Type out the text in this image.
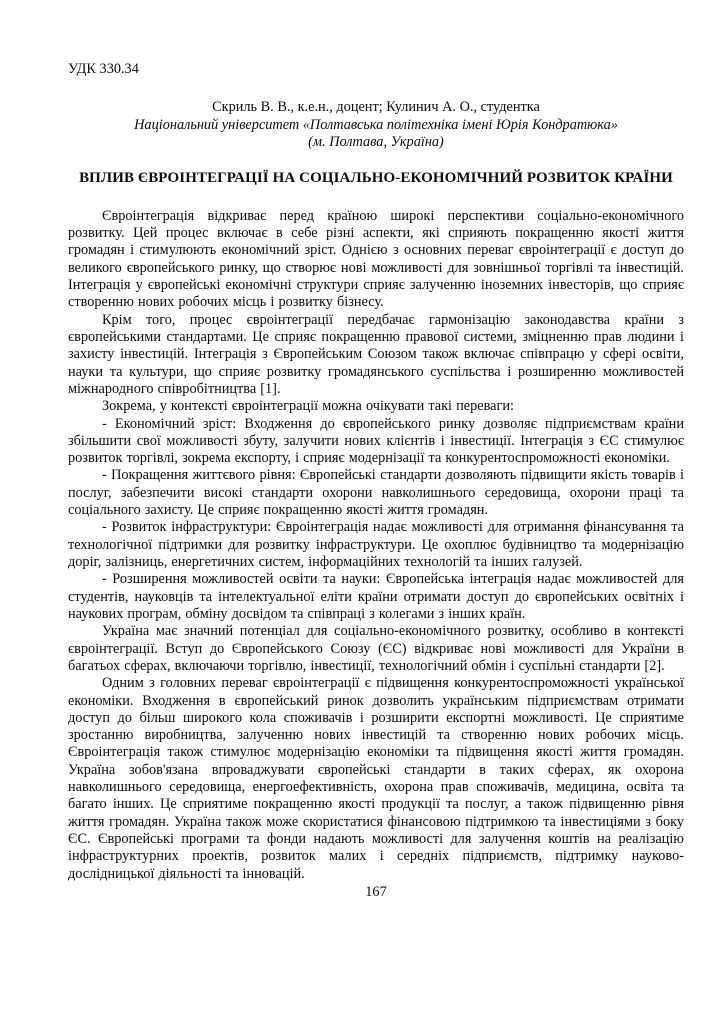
УДК 330.34
Скриль В. В., к.е.н., доцент; Кулинич А. О., студентка
Національний університет «Полтавська політехніка імені Юрія Кондратюка»
(м. Полтава, Україна)
ВПЛИВ ЄВРОІНТЕГРАЦІЇ НА СОЦІАЛЬНО-ЕКОНОМІЧНИЙ РОЗВИТОК КРАЇНИ

Євроінтеграція відкриває перед країною широкі перспективи соціально-економічного розвитку. Цей процес включає в себе різні аспекти, які сприяють покращенню якості життя громадян і стимулюють економічний зріст. Однією з основних переваг євроінтеграції є доступ до великого європейського ринку, що створює нові можливості для зовнішньої торгівлі та інвестицій. Інтеграція у європейські економічні структури сприяє залученню іноземних інвесторів, що сприяє створенню нових робочих місць і розвитку бізнесу.

Крім того, процес євроінтеграції передбачає гармонізацію законодавства країни з європейськими стандартами. Це сприяє покращенню правової системи, зміцненню прав людини і захисту інвестицій. Інтеграція з Європейським Союзом також включає співпрацю у сфері освіти, науки та культури, що сприяє розвитку громадянського суспільства і розширенню можливостей міжнародного співробітництва [1].

Зокрема, у контексті євроінтеграції можна очікувати такі переваги:

- Економічний зріст: Входження до європейського ринку дозволяє підприємствам країни збільшити свої можливості збуту, залучити нових клієнтів і інвестиції. Інтеграція з ЄС стимулює розвиток торгівлі, зокрема експорту, і сприяє модернізації та конкурентоспроможності економіки.

- Покращення життєвого рівня: Європейські стандарти дозволяють підвищити якість товарів і послуг, забезпечити високі стандарти охорони навколишнього середовища, охорони праці та соціального захисту. Це сприяє покращенню якості життя громадян.

- Розвиток інфраструктури: Євроінтеграція надає можливості для отримання фінансування та технологічної підтримки для розвитку інфраструктури. Це охоплює будівництво та модернізацію доріг, залізниць, енергетичних систем, інформаційних технологій та інших галузей.

- Розширення можливостей освіти та науки: Європейська інтеграція надає можливостей для студентів, науковців та інтелектуальної еліти країни отримати доступ до європейських освітніх і наукових програм, обміну досвідом та співпраці з колегами з інших країн.

Україна має значний потенціал для соціально-економічного розвитку, особливо в контексті євроінтеграції. Вступ до Європейського Союзу (ЄС) відкриває нові можливості для України в багатьох сферах, включаючи торгівлю, інвестиції, технологічний обмін і суспільні стандарти [2].

Одним з головних переваг євроінтеграції є підвищення конкурентоспроможності української економіки. Входження в європейський ринок дозволить українським підприємствам отримати доступ до більш широкого кола споживачів і розширити експортні можливості. Це сприятиме зростанню виробництва, залученню нових інвестицій та створенню нових робочих місць. Євроінтеграція також стимулює модернізацію економіки та підвищення якості життя громадян. Україна зобов'язана впроваджувати європейські стандарти в таких сферах, як охорона навколишнього середовища, енергоефективність, охорона прав споживачів, медицина, освіта та багато інших. Це сприятиме покращенню якості продукції та послуг, а також підвищенню рівня життя громадян. Україна також може скористатися фінансовою підтримкою та інвестиціями з боку ЄС. Європейські програми та фонди надають можливості для залучення коштів на реалізацію інфраструктурних проектів, розвиток малих і середніх підприємств, підтримку науково-дослідницької діяльності та інновацій.

167
